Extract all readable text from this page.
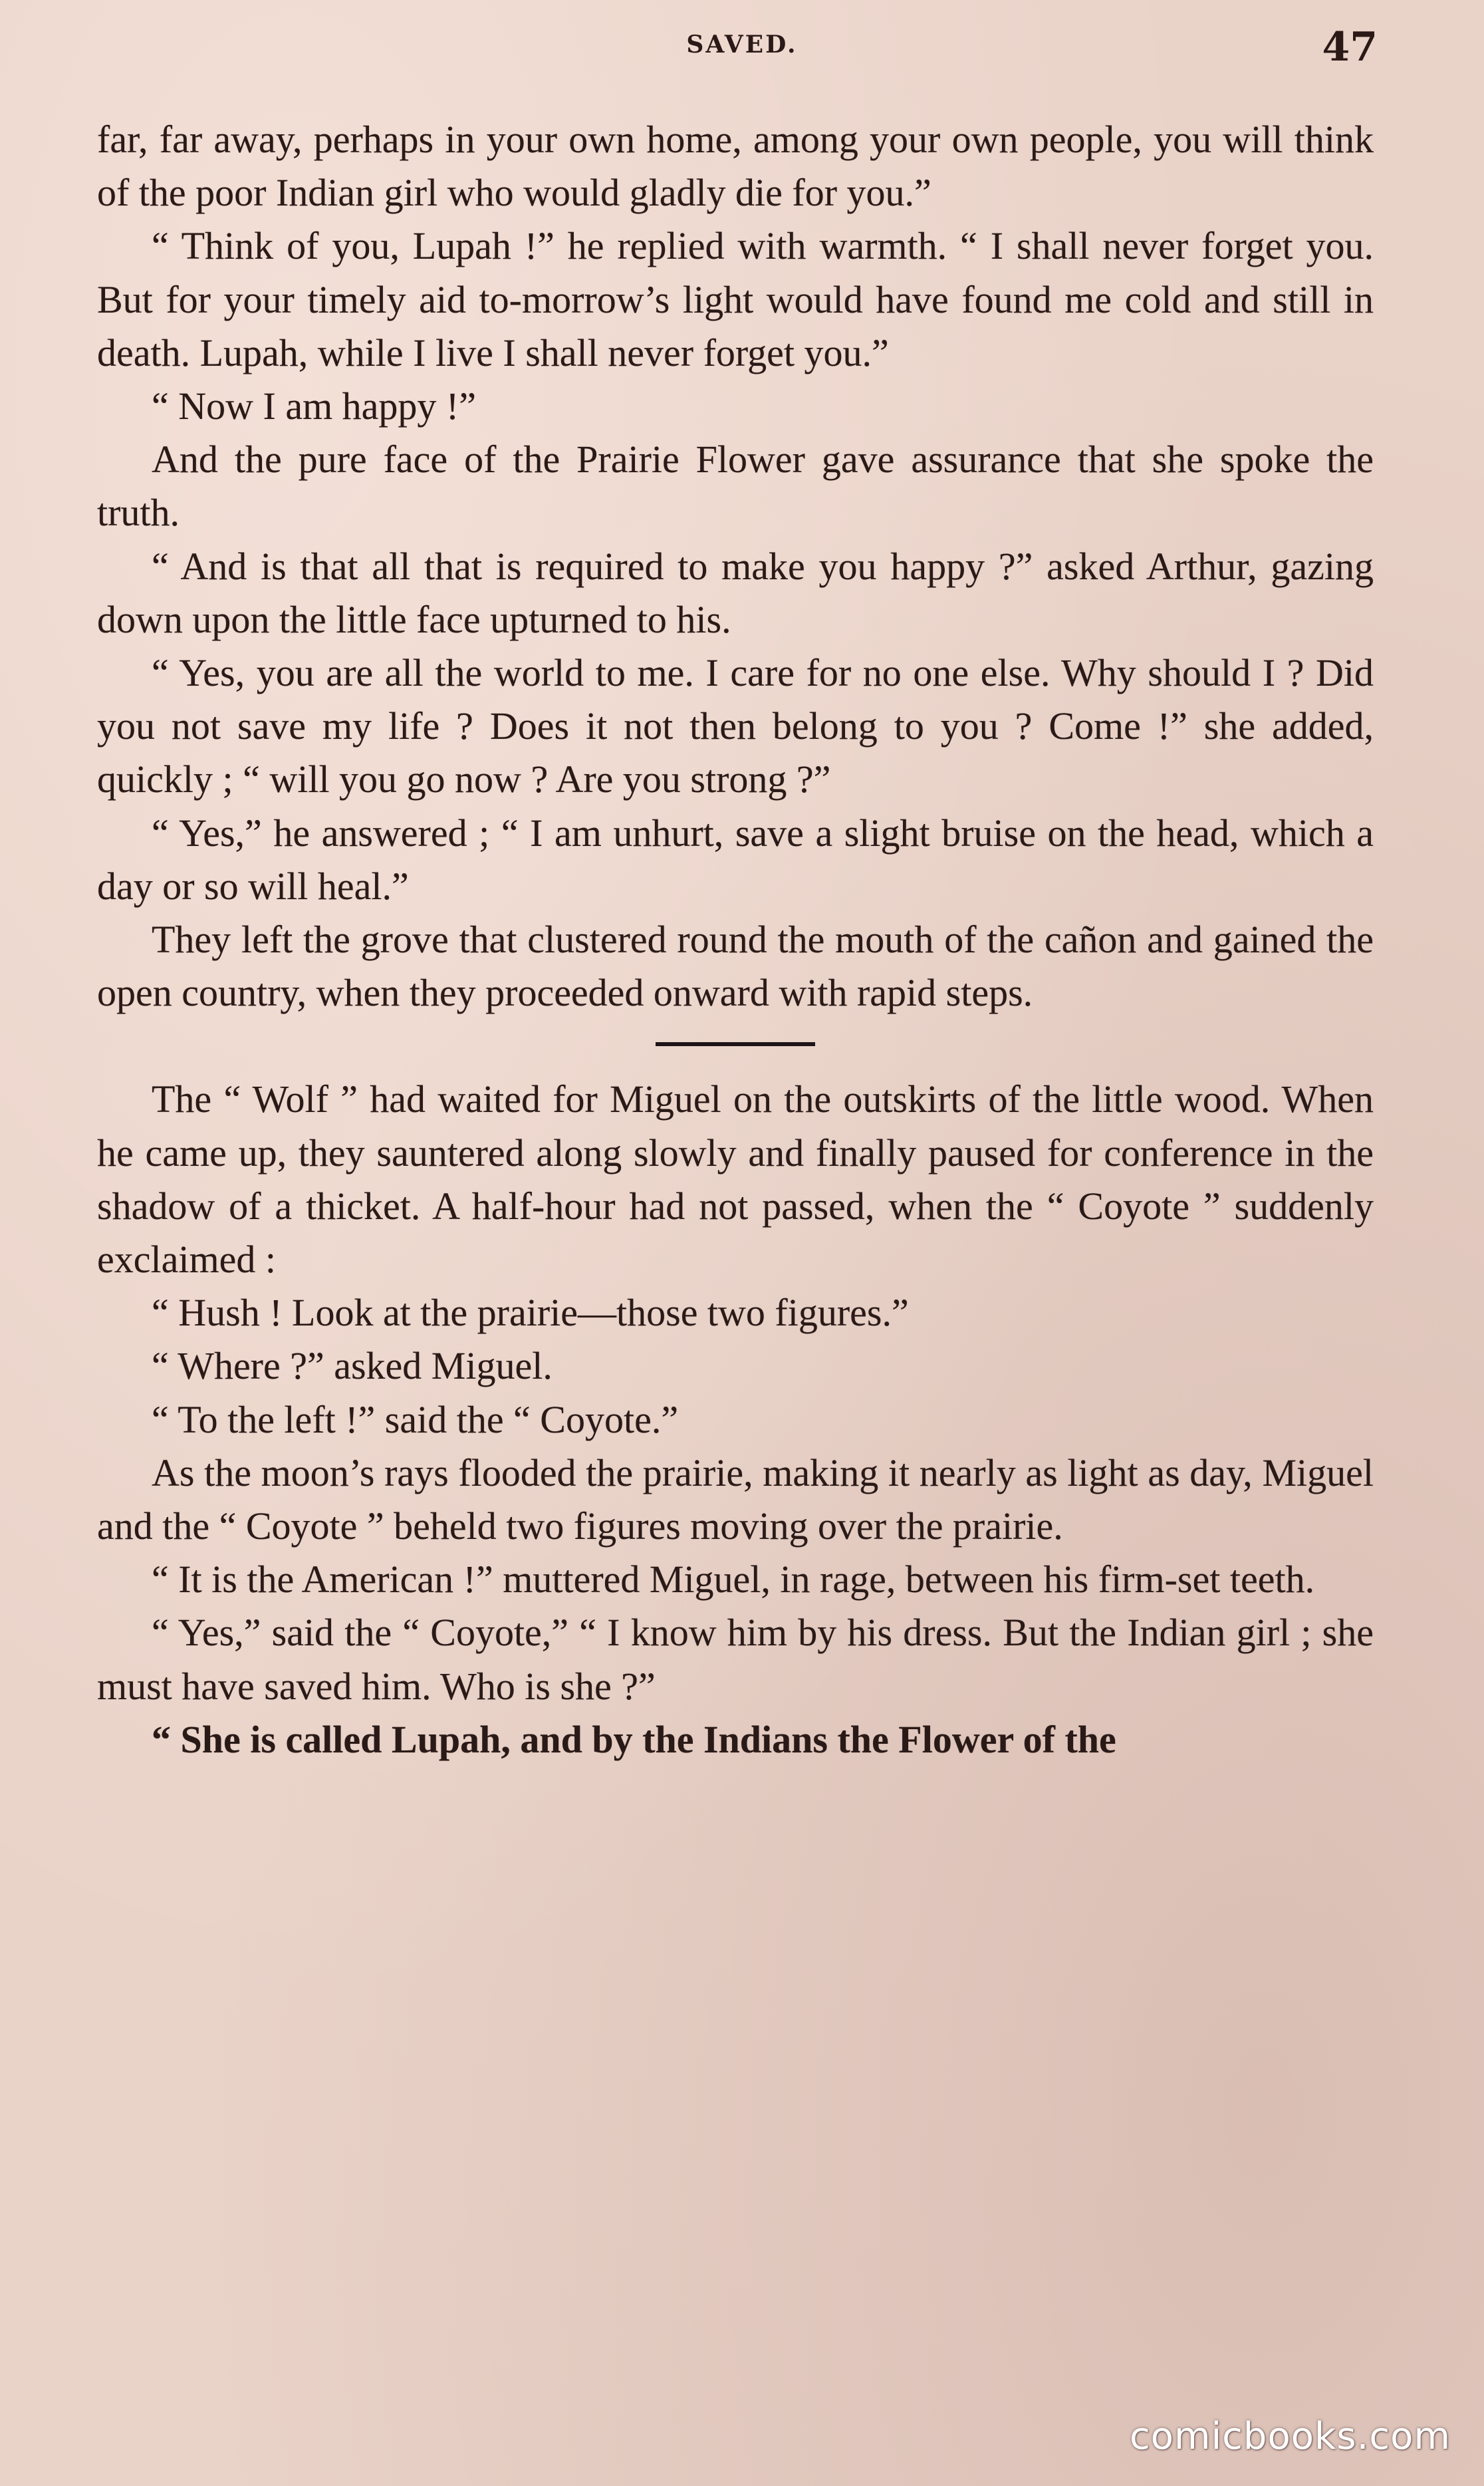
SAVED.	47

far, far away, perhaps in your own home, among your own people, you will think of the poor Indian girl who would gladly die for you.”

“ Think of you, Lupah !” he replied with warmth. “ I shall never forget you. But for your timely aid to-morrow’s light would have found me cold and still in death. Lupah, while I live I shall never forget you.”

“ Now I am happy !”

And the pure face of the Prairie Flower gave assurance that she spoke the truth.

“ And is that all that is required to make you happy ?” asked Arthur, gazing down upon the little face upturned to his.

“ Yes, you are all the world to me. I care for no one else. Why should I ? Did you not save my life ? Does it not then belong to you ? Come !” she added, quickly ; “ will you go now ? Are you strong ?”

“ Yes,” he answered ; “ I am unhurt, save a slight bruise on the head, which a day or so will heal.”

They left the grove that clustered round the mouth of the cañon and gained the open country, when they proceeded onward with rapid steps.

The “ Wolf ” had waited for Miguel on the outskirts of the little wood. When he came up, they sauntered along slowly and finally paused for conference in the shadow of a thicket. A half-hour had not passed, when the “ Coyote ” suddenly exclaimed :

“ Hush ! Look at the prairie—those two figures.”

“ Where ?” asked Miguel.

“ To the left !” said the “ Coyote.”

As the moon’s rays flooded the prairie, making it nearly as light as day, Miguel and the “ Coyote ” beheld two figures moving over the prairie.

“ It is the American !” muttered Miguel, in rage, between his firm-set teeth.

“ Yes,” said the “ Coyote,” “ I know him by his dress. But the Indian girl ; she must have saved him. Who is she ?”

“ She is called Lupah, and by the Indians the Flower of the

comicbooks.com
